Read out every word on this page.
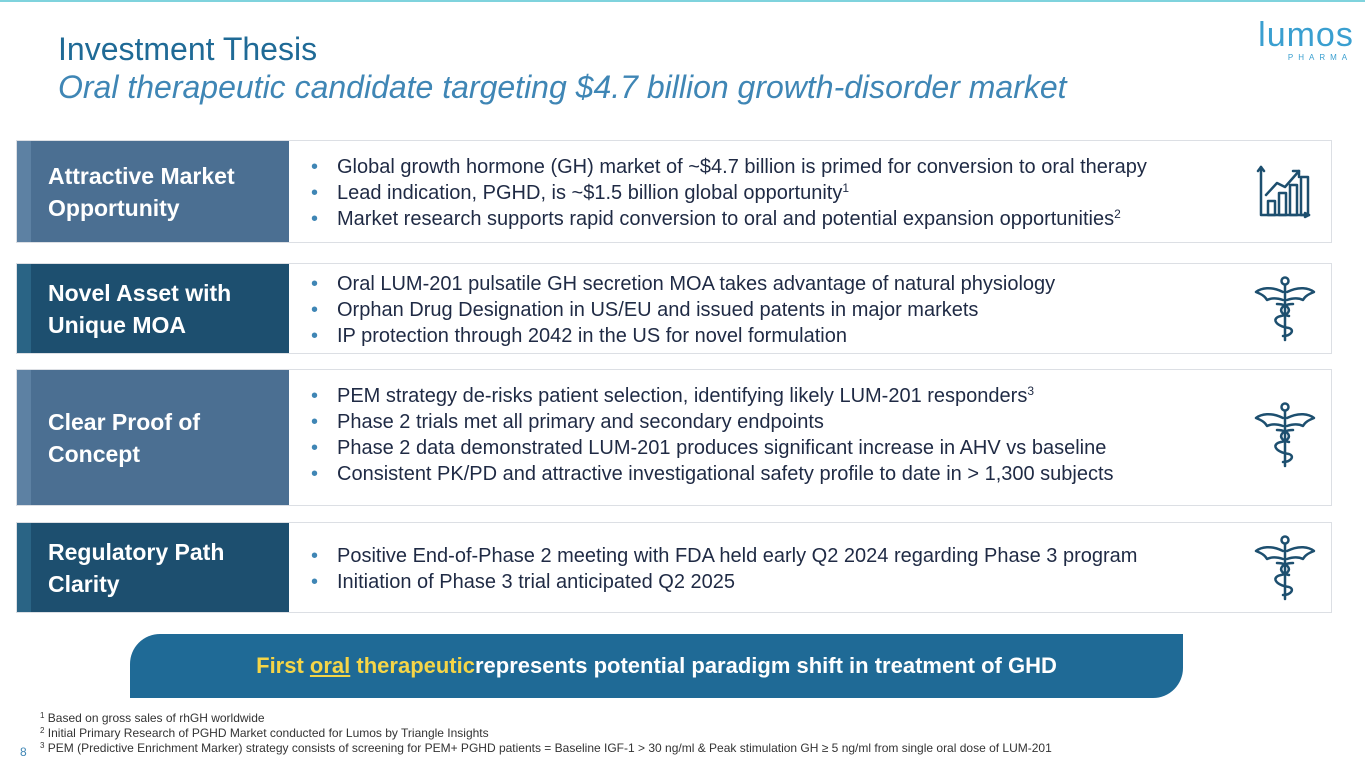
Investment Thesis
Oral therapeutic candidate targeting $4.7 billion growth-disorder market
lumos
PHARMA
Attractive Market
Opportunity
• Global growth hormone (GH) market of ~$4.7 billion is primed for conversion to oral therapy
• Lead indication, PGHD, is ~$1.5 billion global opportunity$^1$
• Market research supports rapid conversion to oral and potential expansion opportunities$^2$
Novel Asset with
Unique MOA
• Oral LUM-201 pulsatile GH secretion MOA takes advantage of natural physiology
• Orphan Drug Designation in US/EU and issued patents in major markets
• IP protection through 2042 in the US for novel formulation
Clear Proof of
Concept
• PEM strategy de-risks patient selection, identifying likely LUM-201 responders$^3$
• Phase 2 trials met all primary and secondary endpoints
• Phase 2 data demonstrated LUM-201 produces significant increase in AHV vs baseline
• Consistent PK/PD and attractive investigational safety profile to date in > 1,300 subjects
Regulatory Path
Clarity
• Positive End-of-Phase 2 meeting with FDA held early Q2 2024 regarding Phase 3 program
• Initiation of Phase 3 trial anticipated Q2 2025
First oral therapeutic represents potential paradigm shift in treatment of GHD
$^1$ Based on gross sales of rhGH worldwide
$^2$ Initial Primary Research of PGHD Market conducted for Lumos by Triangle Insights
$^3$ PEM (Predictive Enrichment Marker) strategy consists of screening for PEM+ PGHD patients = Baseline IGF-1 > 30 ng/ml & Peak stimulation GH ≥ 5 ng/ml from single oral dose of LUM-201
8
